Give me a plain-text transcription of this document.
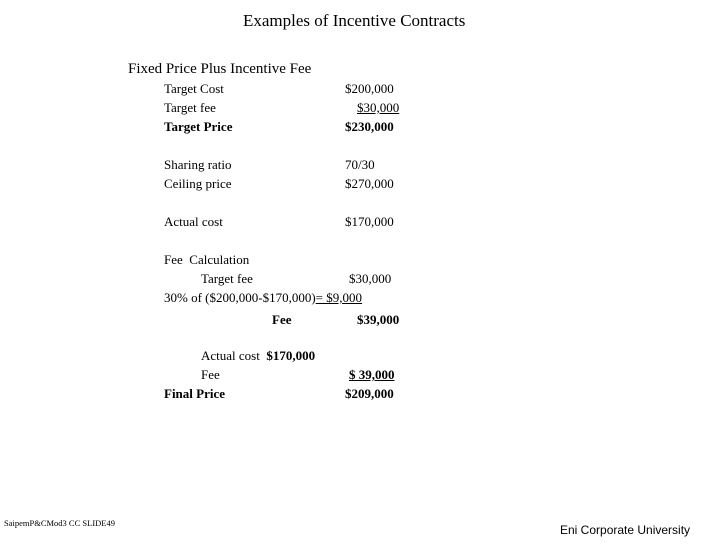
Examples of Incentive Contracts
Fixed Price Plus Incentive Fee
Target Cost	$200,000
Target fee	$30,000
Target Price	$230,000
Sharing ratio	70/30
Ceiling price	$270,000
Actual cost	$170,000
Fee  Calculation
Target fee	$30,000
30% of ($200,000-$170,000)= $9,000
Fee	$39,000
Actual cost $170,000
Fee	$ 39,000
Final Price	$209,000
SaipemP&CMod3 CC SLIDE49	Eni Corporate University
